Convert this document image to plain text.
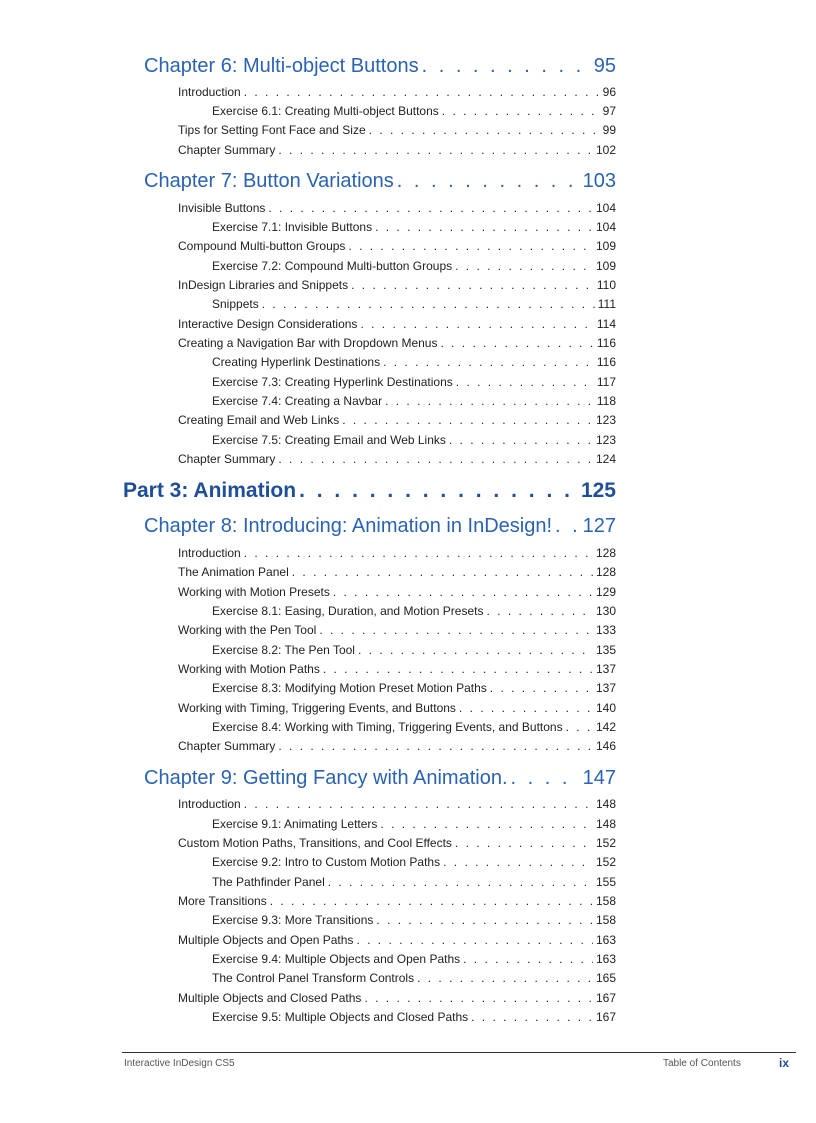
Chapter 6: Multi-object Buttons . . .	95
Introduction . . .	96
Exercise 6.1: Creating Multi-object Buttons . . .	97
Tips for Setting Font Face and Size . . .	99
Chapter Summary . . .	102
Chapter 7: Button Variations . . .	103
Invisible Buttons . . .	104
Exercise 7.1: Invisible Buttons . . .	104
Compound Multi-button Groups . . .	109
Exercise 7.2: Compound Multi-button Groups . . .	109
InDesign Libraries and Snippets . . .	110
Snippets . . .	111
Interactive Design Considerations . . .	114
Creating a Navigation Bar with Dropdown Menus . . .	116
Creating Hyperlink Destinations . . .	116
Exercise 7.3: Creating Hyperlink Destinations . . .	117
Exercise 7.4: Creating a Navbar . . .	118
Creating Email and Web Links . . .	123
Exercise 7.5: Creating Email and Web Links . . .	123
Chapter Summary . . .	124
Part 3: Animation . . .	125
Chapter 8: Introducing: Animation in InDesign! . . . 127
Introduction . . .	128
The Animation Panel . . .	128
Working with Motion Presets . . .	129
Exercise 8.1: Easing, Duration, and Motion Presets . . .	130
Working with the Pen Tool . . .	133
Exercise 8.2: The Pen Tool . . .	135
Working with Motion Paths . . .	137
Exercise 8.3: Modifying Motion Preset Motion Paths . . .	137
Working with Timing, Triggering Events, and Buttons . . .	140
Exercise 8.4: Working with Timing, Triggering Events, and Buttons . . .	142
Chapter Summary . . .	146
Chapter 9: Getting Fancy with Animation. . . .	147
Introduction . . .	148
Exercise 9.1: Animating Letters . . .	148
Custom Motion Paths, Transitions, and Cool Effects . . .	152
Exercise 9.2: Intro to Custom Motion Paths . . .	152
The Pathfinder Panel . . .	155
More Transitions . . .	158
Exercise 9.3: More Transitions . . .	158
Multiple Objects and Open Paths . . .	163
Exercise 9.4: Multiple Objects and Open Paths . . .	163
The Control Panel Transform Controls . . .	165
Multiple Objects and Closed Paths . . .	167
Exercise 9.5: Multiple Objects and Closed Paths . . .	167
Interactive InDesign CS5	Table of Contents	ix
